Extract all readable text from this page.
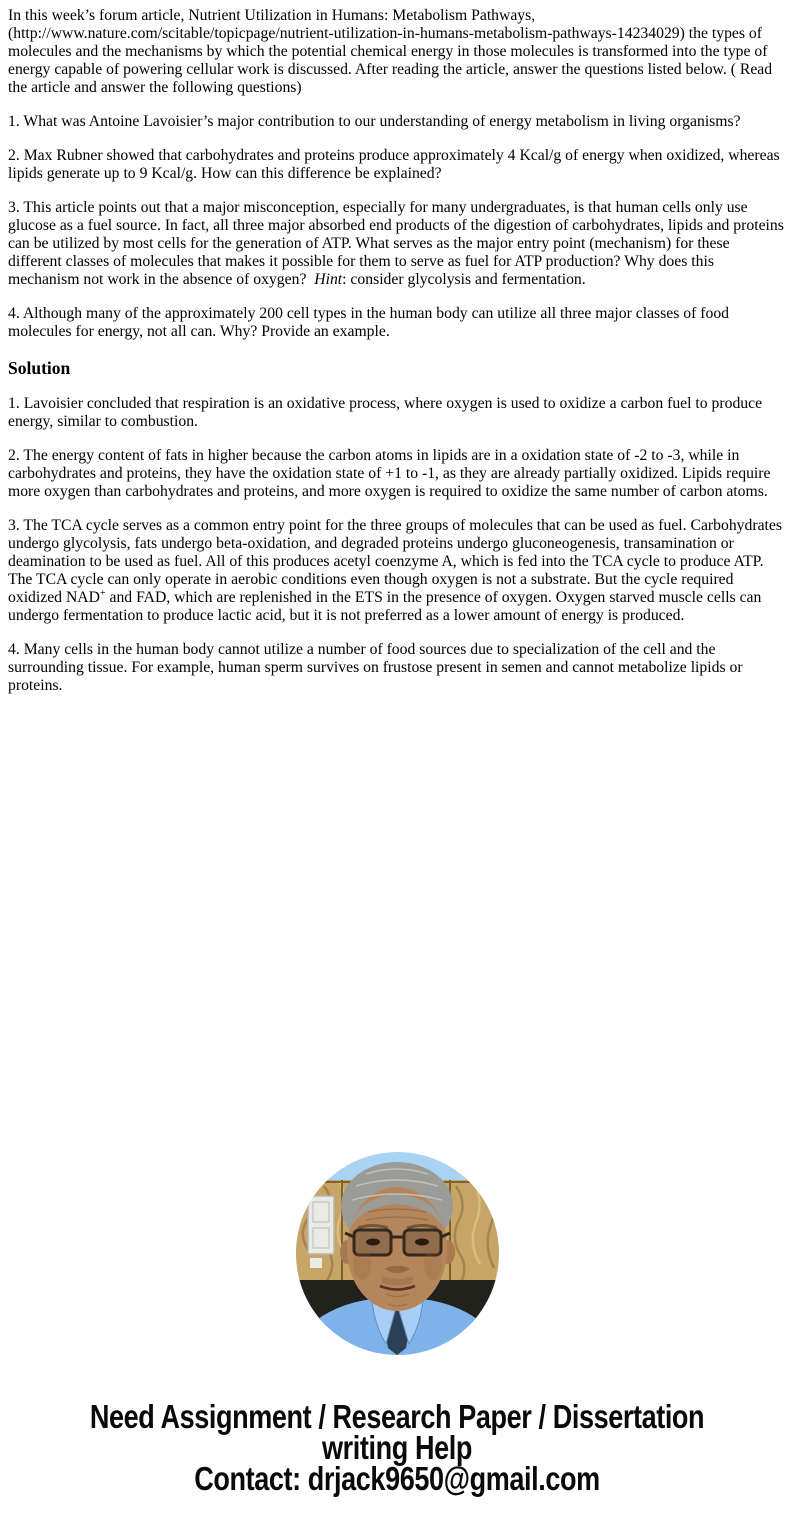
In this week’s forum article, Nutrient Utilization in Humans: Metabolism Pathways, (http://www.nature.com/scitable/topicpage/nutrient-utilization-in-humans-metabolism-pathways-14234029) the types of molecules and the mechanisms by which the potential chemical energy in those molecules is transformed into the type of energy capable of powering cellular work is discussed. After reading the article, answer the questions listed below. ( Read the article and answer the following questions)

1. What was Antoine Lavoisier’s major contribution to our understanding of energy metabolism in living organisms?

2. Max Rubner showed that carbohydrates and proteins produce approximately 4 Kcal/g of energy when oxidized, whereas lipids generate up to 9 Kcal/g. How can this difference be explained?

3. This article points out that a major misconception, especially for many undergraduates, is that human cells only use glucose as a fuel source. In fact, all three major absorbed end products of the digestion of carbohydrates, lipids and proteins can be utilized by most cells for the generation of ATP. What serves as the major entry point (mechanism) for these different classes of molecules that makes it possible for them to serve as fuel for ATP production? Why does this mechanism not work in the absence of oxygen?  Hint: consider glycolysis and fermentation.

4. Although many of the approximately 200 cell types in the human body can utilize all three major classes of food molecules for energy, not all can. Why? Provide an example.

Solution

1. Lavoisier concluded that respiration is an oxidative process, where oxygen is used to oxidize a carbon fuel to produce energy, similar to combustion.

2. The energy content of fats in higher because the carbon atoms in lipids are in a oxidation state of -2 to -3, while in carbohydrates and proteins, they have the oxidation state of +1 to -1, as they are already partially oxidized. Lipids require more oxygen than carbohydrates and proteins, and more oxygen is required to oxidize the same number of carbon atoms.

3. The TCA cycle serves as a common entry point for the three groups of molecules that can be used as fuel. Carbohydrates undergo glycolysis, fats undergo beta-oxidation, and degraded proteins undergo gluconeogenesis, transamination or deamination to be used as fuel. All of this produces acetyl coenzyme A, which is fed into the TCA cycle to produce ATP. The TCA cycle can only operate in aerobic conditions even though oxygen is not a substrate. But the cycle required oxidized NAD+ and FAD, which are replenished in the ETS in the presence of oxygen. Oxygen starved muscle cells can undergo fermentation to produce lactic acid, but it is not preferred as a lower amount of energy is produced.

4. Many cells in the human body cannot utilize a number of food sources due to specialization of the cell and the surrounding tissue. For example, human sperm survives on frustose present in semen and cannot metabolize lipids or proteins.

Need Assignment / Research Paper / Dissertation
writing Help
Contact: drjack9650@gmail.com
